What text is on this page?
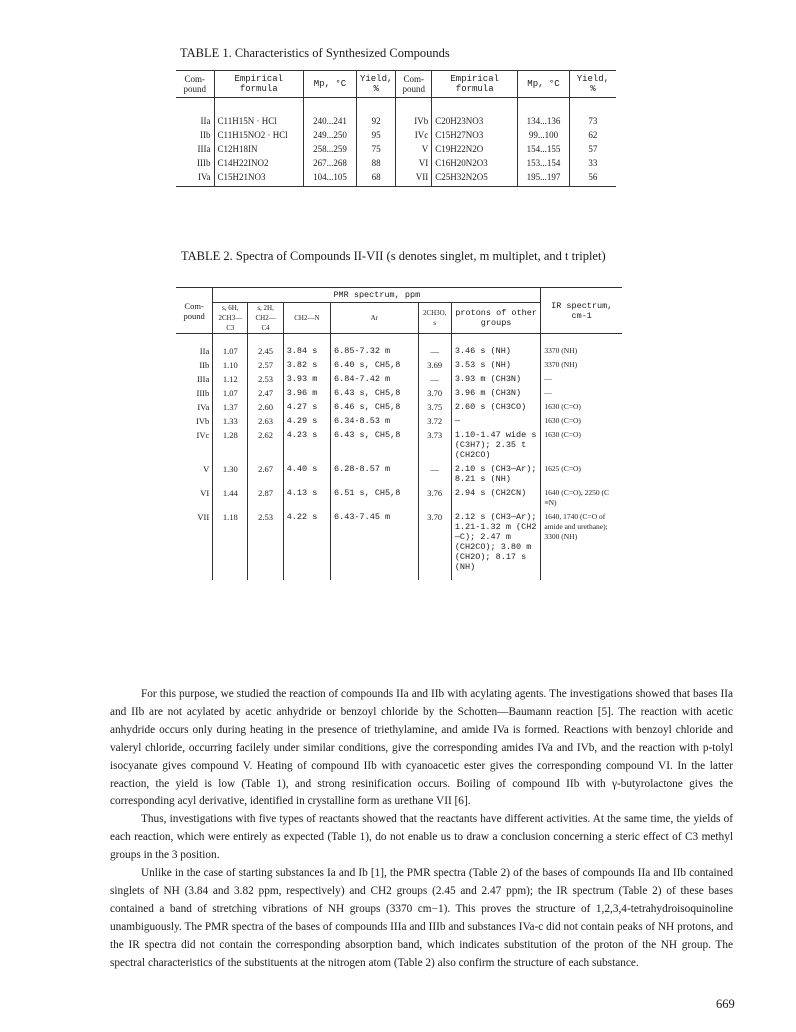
TABLE 1. Characteristics of Synthesized Compounds
Com- pound	Empirical formula	Mp, °C	Yield, %	Com- pound	Empirical formula	Mp, °C	Yield, %
IIa	C11H15N · HCl	240...241	92	IVb	C20H23NO3	134...136	73
IIb	C11H15NO2 · HCl	249...250	95	IVc	C15H27NO3	99...100	62
IIIa	C12H18IN	258...259	75	V	C19H22N2O	154...155	57
IIIb	C14H22INO2	267...268	88	VI	C16H20N2O3	153...154	33
IVa	C15H21NO3	104...105	68	VII	C25H32N2O5	195...197	56
TABLE 2. Spectra of Compounds II-VII (s denotes singlet, m multiplet, and t triplet)
Com- pound	PMR spectrum, ppm						IR spectrum, cm-1
	s, 6H, 2CH3—C3	s, 2H, CH2—C4	CH2—N	Ar	2CH3O, s	protons of other groups	
IIa	1.07	2.45	3.84 s	6.85-7.32 m	—	3.46 s (NH)	3370 (NH)
IIb	1.10	2.57	3.82 s	6.40 s, CH5,8	3.69	3.53 s (NH)	3370 (NH)
IIIa	1.12	2.53	3.93 m	6.84-7.42 m	—	3.93 m (CH3N)	—
IIIb	1.07	2.47	3.96 m	6.43 s, CH5,8	3.70	3.96 m (CH3N)	—
IVa	1.37	2.60	4.27 s	6.46 s, CH5,8	3.75	2.60 s (CH3CO)	1630 (C=O)
IVb	1.33	2.63	4.29 s	6.34-8.53 m	3.72	—	1630 (C=O)
IVc	1.28	2.62	4.23 s	6.43 s, CH5,8	3.73	1.10-1.47 wide s (C3H7); 2.35 t (CH2CO)	1630 (C=O)
V	1.30	2.67	4.40 s	6.28-8.57 m	—	2.10 s (CH3—Ar); 8.21 s (NH)	1625 (C=O)
VI	1.44	2.87	4.13 s	6.51 s, CH5,8	3.76	2.94 s (CH2CN)	1640 (C=O), 2250 (C ≡N)
VII	1.18	2.53	4.22 s	6.43-7.45 m	3.70	2.12 s (CH3—Ar); 1.21-1.32 m (CH2—C); 2.47 m (CH2CO); 3.80 m (CH2O); 8.17 s (NH)	1640, 1740 (C=O of amide and urethane); 3300 (NH)

For this purpose, we studied the reaction of compounds IIa and IIb with acylating agents. The investigations showed that bases IIa and IIb are not acylated by acetic anhydride or benzoyl chloride by the Schotten—Baumann reaction [5]. The reaction with acetic anhydride occurs only during heating in the presence of triethylamine, and amide IVa is formed. Reactions with benzoyl chloride and valeryl chloride, occurring facilely under similar conditions, give the corresponding amides IVa and IVb, and the reaction with p-tolyl isocyanate gives compound V. Heating of compound IIb with cyanoacetic ester gives the corresponding compound VI. In the latter reaction, the yield is low (Table 1), and strong resinification occurs. Boiling of compound IIb with γ-butyrolactone gives the corresponding acyl derivative, identified in crystalline form as urethane VII [6].

Thus, investigations with five types of reactants showed that the reactants have different activities. At the same time, the yields of each reaction, which were entirely as expected (Table 1), do not enable us to draw a conclusion concerning a steric effect of C3 methyl groups in the 3 position.

Unlike in the case of starting substances Ia and Ib [1], the PMR spectra (Table 2) of the bases of compounds IIa and IIb contained singlets of NH (3.84 and 3.82 ppm, respectively) and CH2 groups (2.45 and 2.47 ppm); the IR spectrum (Table 2) of these bases contained a band of stretching vibrations of NH groups (3370 cm−1). This proves the structure of 1,2,3,4-tetrahydroisoquinoline unambiguously. The PMR spectra of the bases of compounds IIIa and IIIb and substances IVa-c did not contain peaks of NH protons, and the IR spectra did not contain the corresponding absorption band, which indicates substitution of the proton of the NH group. The spectral characteristics of the substituents at the nitrogen atom (Table 2) also confirm the structure of each substance.

669
